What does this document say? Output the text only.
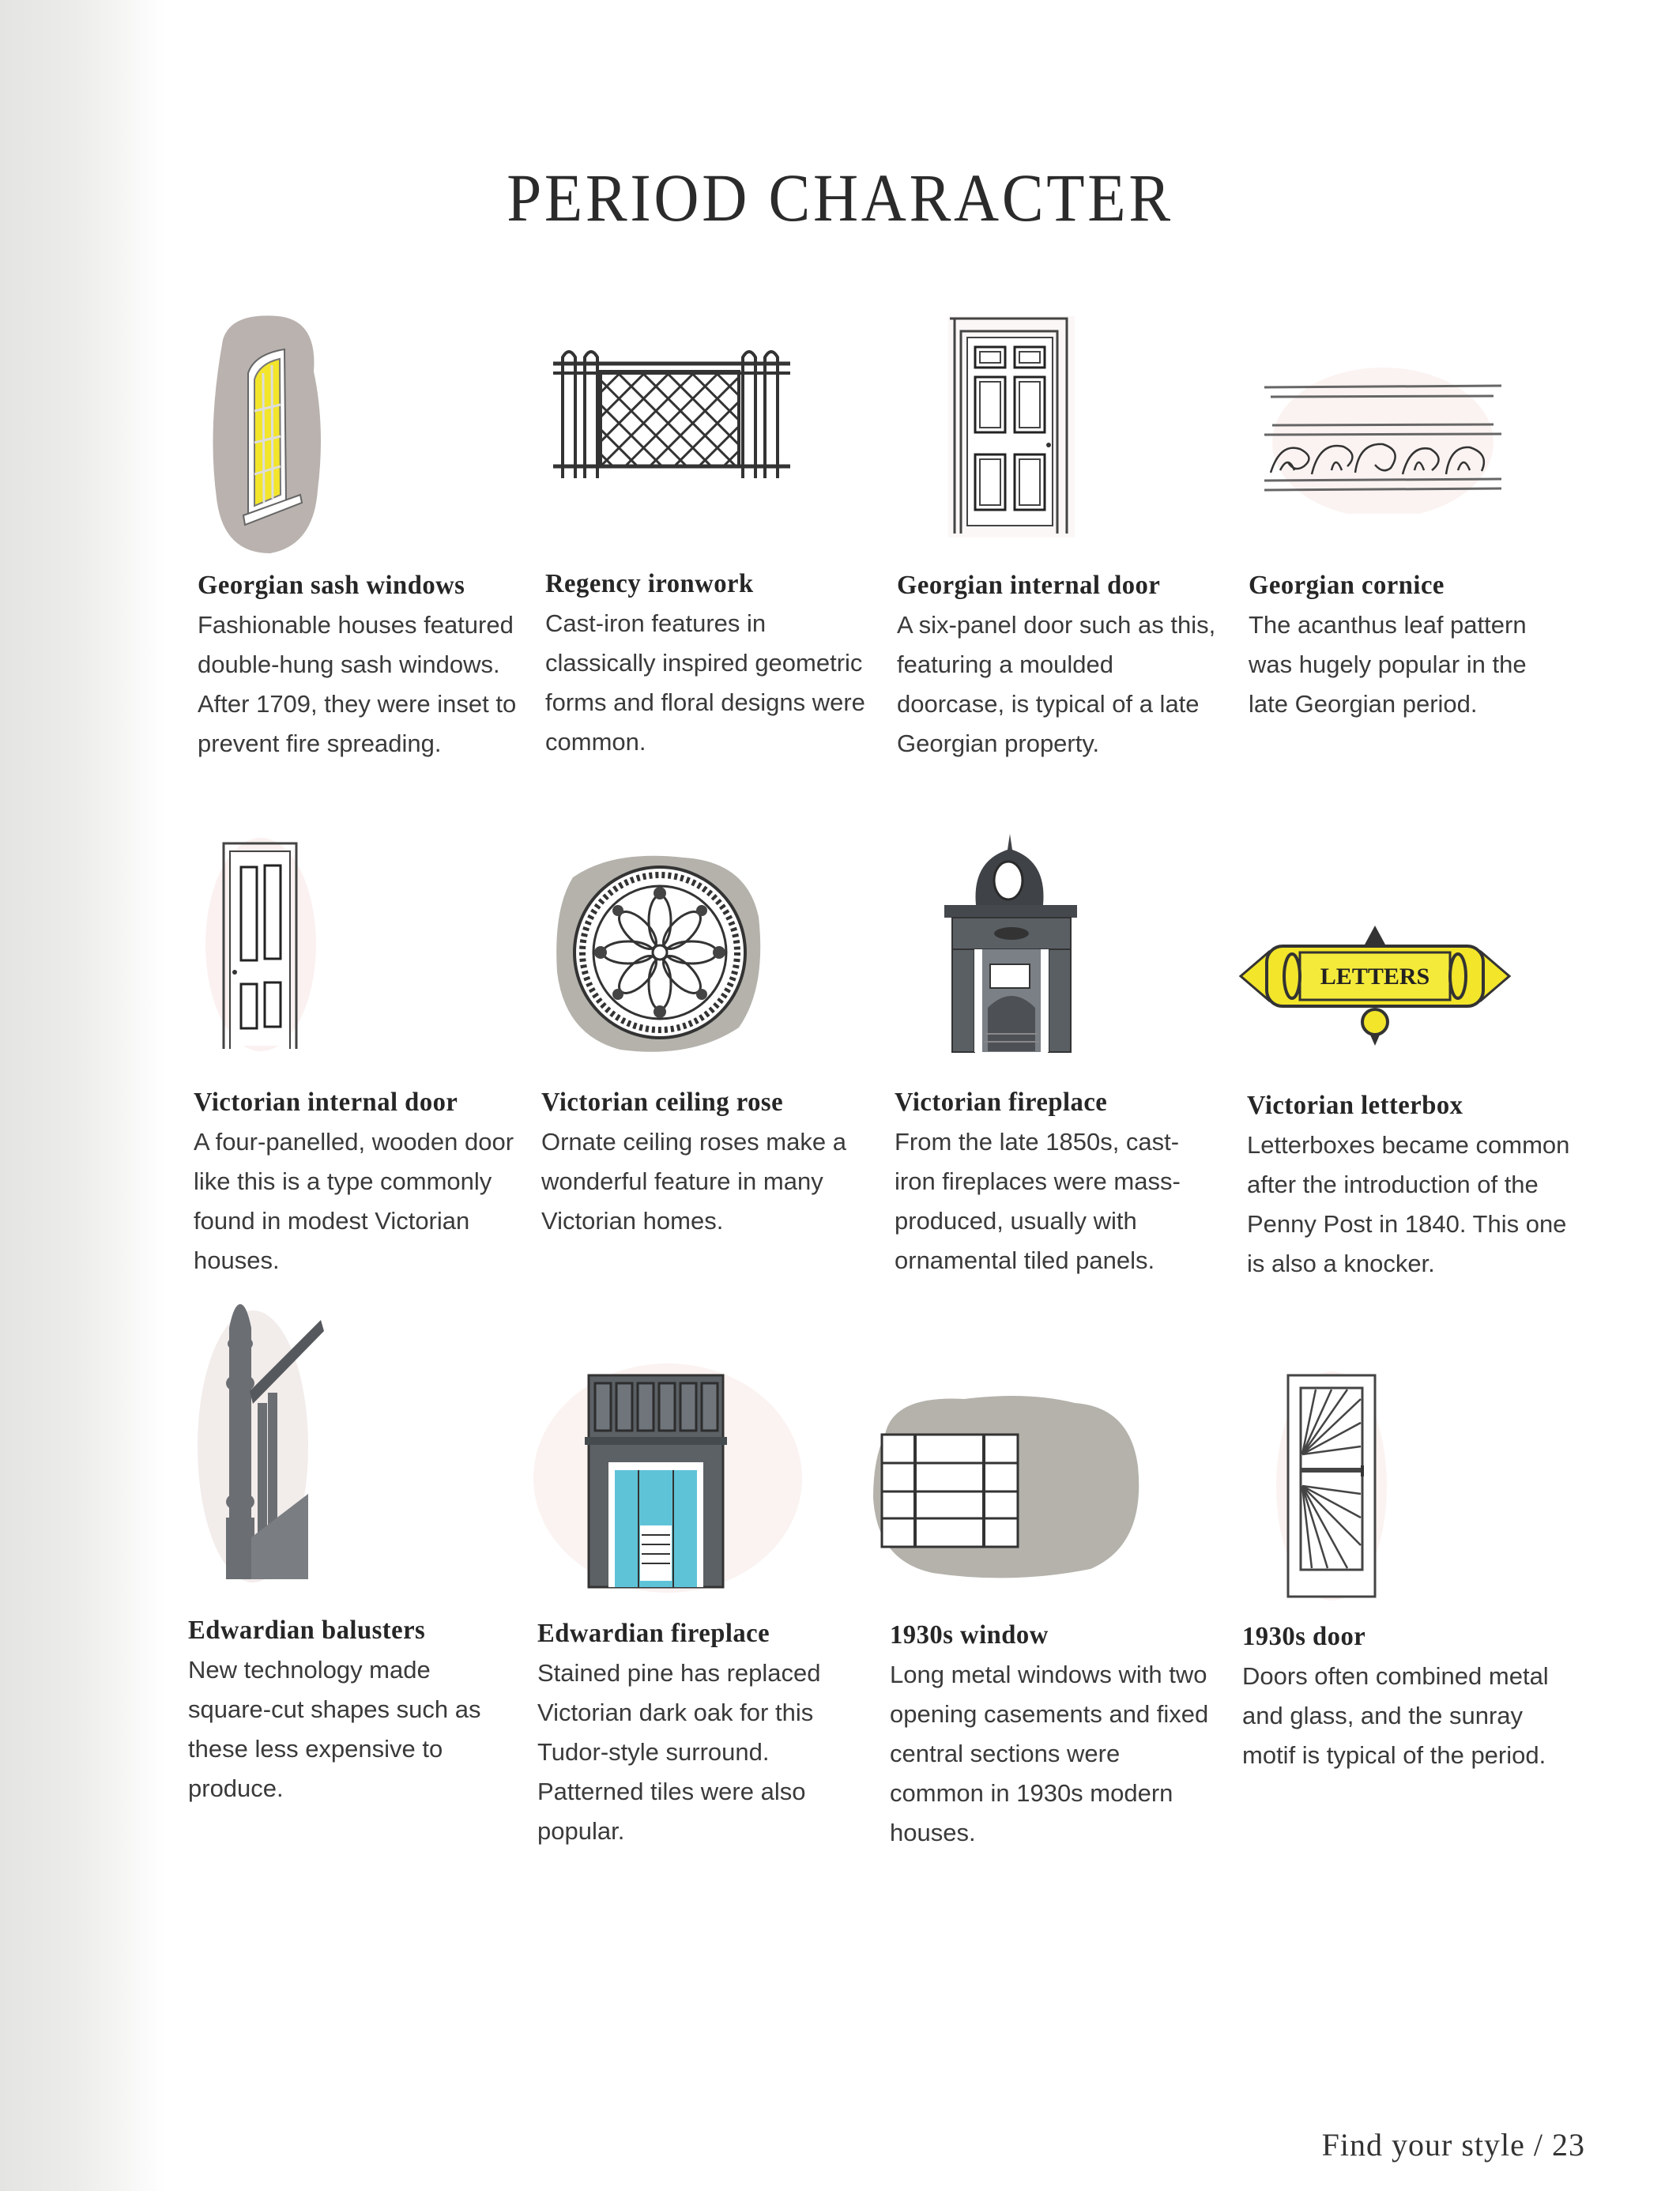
PERIOD CHARACTER
Georgian sash windows

Fashionable houses featured double-hung sash windows. After 1709, they were inset to prevent fire spreading.

Regency ironwork

Cast-iron features in classically inspired geometric forms and floral designs were common.

Georgian internal door

A six-panel door such as this, featuring a moulded doorcase, is typical of a late Georgian property.

Georgian cornice

The acanthus leaf pattern was hugely popular in the late Georgian period.

Victorian internal door

A four-panelled, wooden door like this is a type commonly found in modest Victorian houses.

Victorian ceiling rose

Ornate ceiling roses make a wonderful feature in many Victorian homes.

Victorian fireplace

From the late 1850s, cast-iron fireplaces were mass-produced, usually with ornamental tiled panels.

LETTERS
Victorian letterbox

Letterboxes became common after the introduction of the Penny Post in 1840. This one is also a knocker.

Edwardian balusters

New technology made square-cut shapes such as these less expensive to produce.

Edwardian fireplace

Stained pine has replaced Victorian dark oak for this Tudor-style surround. Patterned tiles were also popular.

1930s window

Long metal windows with two opening casements and fixed central sections were common in 1930s modern houses.

1930s door

Doors often combined metal and glass, and the sunray motif is typical of the period.

Find your style / 23
